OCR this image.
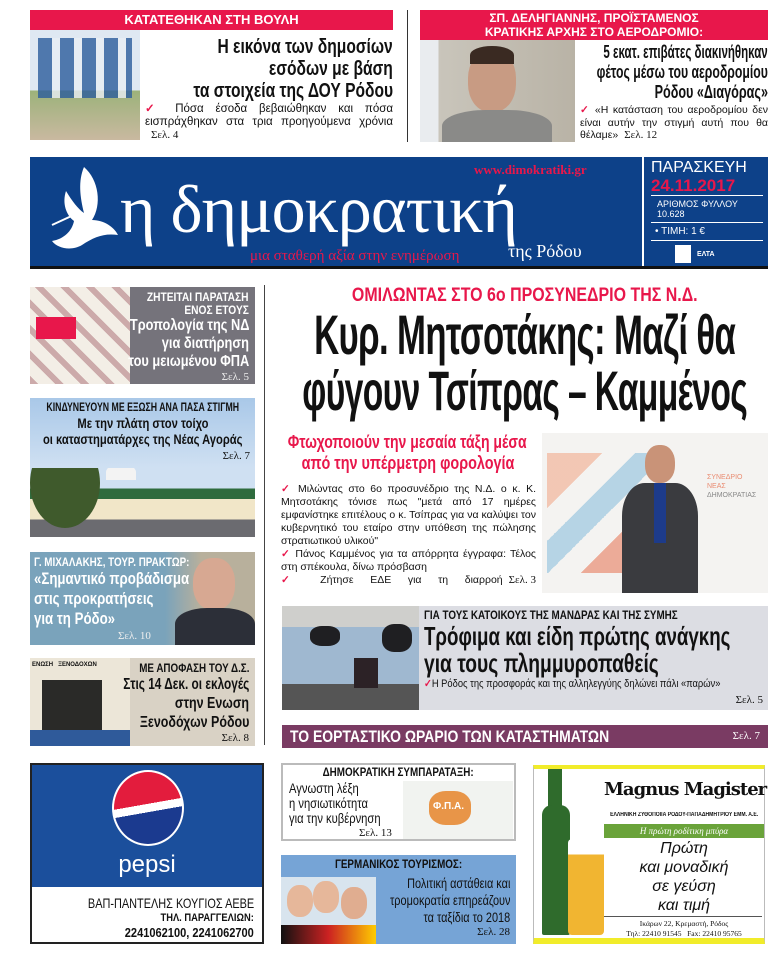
ΚΑΤΑΤΕΘΗΚΑΝ ΣΤΗ ΒΟΥΛΗ
Η εικόνα των δημοσίων
εσόδων με βάση
τα στοιχεία της ΔΟΥ Ρόδου
✓ Πόσα έσοδα βεβαιώθηκαν και πόσα εισπράχθηκαν στα τρια προηγούμενα χρόνιαΣελ. 4
ΣΠ. ΔΕΛΗΓΙΑΝΝΗΣ, ΠΡΟΪΣΤΑΜΕΝΟΣ
ΚΡΑΤΙΚΗΣ ΑΡΧΗΣ ΣΤΟ ΑΕΡΟΔΡΟΜΙΟ:
5 εκατ. επιβάτες διακινήθηκαν
φέτος μέσω του αεροδρομίου
Ρόδου «Διαγόρας»
✓ «Η κατάσταση του αεροδρομίου δεν είναι αυτήν την στιγμή αυτή που θα θέλαμε» Σελ. 12
www.dimokratiki.gr
η δημοκρατική
της Ρόδου
μια σταθερή αξία στην ενημέρωση
ΠΑΡΑΣΚΕΥΗ
24.11.2017
ΑΡΙΘΜΟΣ ΦΥΛΛΟΥ
10.628
• ΤΙΜΗ: 1 €
ΕΛΤΑ
ΖΗΤΕΙΤΑΙ ΠΑΡΑΤΑΣΗ
ΕΝΟΣ ΕΤΟΥΣ
Τροπολογία της ΝΔ
για διατήρηση
του μειωμένου ΦΠΑ
Σελ. 5
ΚΙΝΔΥΝΕΥΟΥΝ ΜΕ ΕΞΩΣΗ ΑΝΑ ΠΑΣΑ ΣΤΙΓΜΗ
Με την πλάτη στον τοίχο
οι καταστηματάρχες της Νέας Αγοράς
Σελ. 7
Γ. ΜΙΧΑΛΑΚΗΣ, ΤΟΥΡ. ΠΡΑΚΤΩΡ:
«Σημαντικό προβάδισμα
στις προκρατήσεις
για τη Ρόδο»
Σελ. 10
ΕΝΩΣΗ ΞΕΝΟΔΟΧΩΝ	ΜΕ ΑΠΟΦΑΣΗ ΤΟΥ Δ.Σ.
Στις 14 Δεκ. οι εκλογές
στην Ενωση
Ξενοδόχων Ρόδου
Σελ. 8
ΟΜΙΛΩΝΤΑΣ ΣΤΟ 6ο ΠΡΟΣΥΝΕΔΡΙΟ ΤΗΣ Ν.Δ.
Κυρ. Μητσοτάκης: Μαζί θα
φύγουν Τσίπρας – Καμμένος
Φτωχοποιούν την μεσαία τάξη μέσα
από την υπέρμετρη φορολογία
✓ Μιλώντας στο 6ο προσυνέδριο της Ν.Δ. ο κ. Κ. Μητσοτάκης τόνισε πως "μετά από 17 ημέρες εμφανίστηκε επιτέλους ο κ. Τσίπρας για να καλύψει τον κυβερνητικό του εταίρο στην υπόθεση της πώλησης στρατιωτικού υλικού"
✓ Πάνος Καμμένος για τα απόρρητα έγγραφα: Τέλος στη σπέκουλα, δίνω πρόσβαση
✓ Ζήτησε ΕΔΕ για τη διαρροή Σελ. 3
ΣΥΝΕΔΡΙΟ
ΝΕΑΣ
ΔΗΜΟΚΡΑΤΙΑΣ
ΓΙΑ ΤΟΥΣ ΚΑΤΟΙΚΟΥΣ ΤΗΣ ΜΑΝΔΡΑΣ ΚΑΙ ΤΗΣ ΣΥΜΗΣ
Τρόφιμα και είδη πρώτης ανάγκης
για τους πλημμυροπαθείς
✓Η Ρόδος της προσφοράς και της αλληλεγγύης δηλώνει πάλι «παρών»
Σελ. 5
ΤΟ ΕΟΡΤΑΣΤΙΚΟ ΩΡΑΡΙΟ ΤΩΝ ΚΑΤΑΣΤΗΜΑΤΩΝ	Σελ. 7
pepsi
ΒΑΠ-ΠΑΝΤΕΛΗΣ ΚΟΥΓΙΟΣ ΑΕΒΕ
ΤΗΛ. ΠΑΡΑΓΓΕΛΙΩΝ:
2241062100, 2241062700
ΔΗΜΟΚΡΑΤΙΚΗ ΣΥΜΠΑΡΑΤΑΞΗ:
Φ.Π.Α.
Αγνωστη λέξη
η νησιωτικότητα
για την κυβέρνηση
Σελ. 13
ΓΕΡΜΑΝΙΚΟΣ ΤΟΥΡΙΣΜΟΣ:
Πολιτική αστάθεια και
τρομοκρατία επηρεάζουν
τα ταξίδια το 2018
Σελ. 28
Magnus Magister
ΕΛΛΗΝΙΚΗ ΖΥΘΟΠΟΙΙΑ ΡΟΔΟΥ-ΠΑΠΑΔΗΜΗΤΡΙΟΥ ΕΜΜ. Α.Ε.
Η πρώτη ροδίτικη μπύρα
Πρώτη
και μοναδική
σε γεύση
και τιμή
Ικάρων 22, Κρεμαστή, Ρόδος
Τηλ: 22410 91545   Fax: 22410 95765
